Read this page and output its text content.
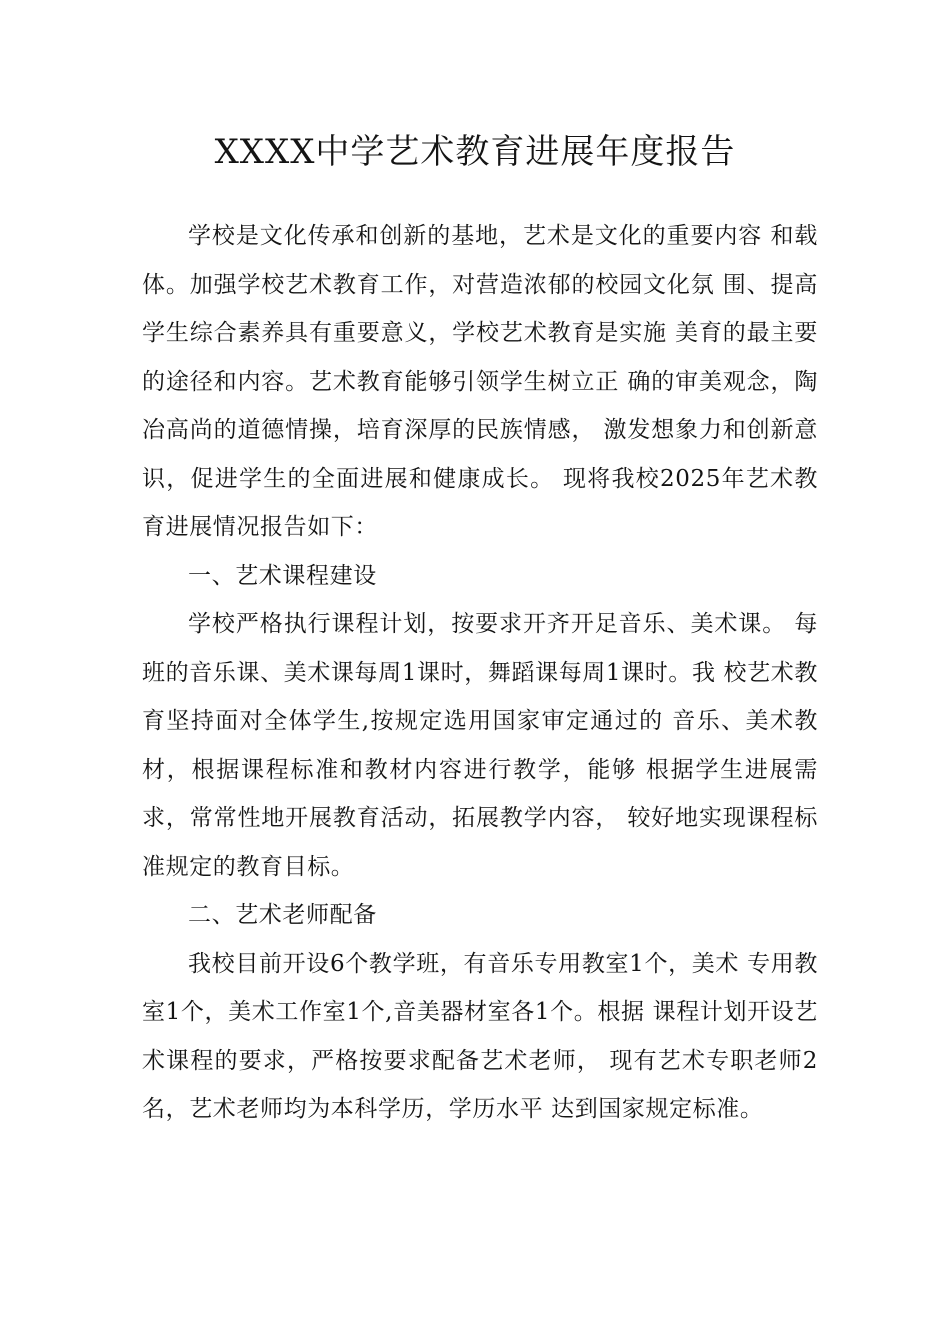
XXXX中学艺术教育进展年度报告

学校是文化传承和创新的基地，艺术是文化的重要内容 和载体。加强学校艺术教育工作，对营造浓郁的校园文化氛 围、提高学生综合素养具有重要意义，学校艺术教育是实施 美育的最主要的途径和内容。艺术教育能够引领学生树立正 确的审美观念，陶冶高尚的道德情操，培育深厚的民族情感， 激发想象力和创新意识，促进学生的全面进展和健康成长。 现将我校2025年艺术教育进展情况报告如下：

一、艺术课程建设

学校严格执行课程计划，按要求开齐开足音乐、美术课。 每班的音乐课、美术课每周1课时，舞蹈课每周1课时。我 校艺术教育坚持面对全体学生,按规定选用国家审定通过的 音乐、美术教材，根据课程标准和教材内容进行教学，能够 根据学生进展需求，常常性地开展教育活动，拓展教学内容， 较好地实现课程标准规定的教育目标。

二、艺术老师配备

我校目前开设6个教学班，有音乐专用教室1个，美术 专用教室1个，美术工作室1个,音美器材室各1个。根据 课程计划开设艺术课程的要求，严格按要求配备艺术老师， 现有艺术专职老师2名，艺术老师均为本科学历，学历水平 达到国家规定标准。
